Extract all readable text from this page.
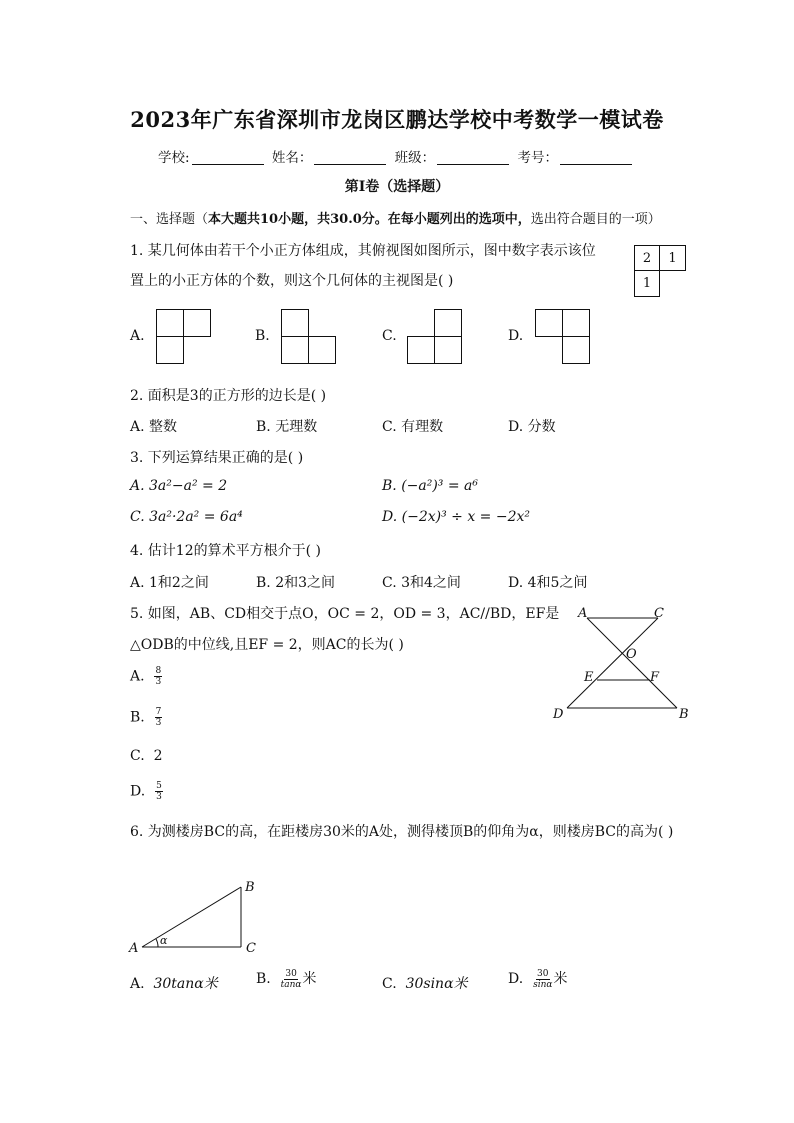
2023年广东省深圳市龙岗区鹏达学校中考数学一模试卷
学校:	姓名：	班级：	考号：
第I卷（选择题）
一、选择题（本大题共10小题，共30.0分。在每小题列出的选项中，选出符合题目的一项）
1. 某几何体由若干个小正方体组成，其俯视图如图所示，图中数字表示该位
置上的小正方体的个数，则这个几何体的主视图是( )
2	1
1
A.	B.	C.	D.
2. 面积是3的正方形的边长是( )
A. 整数	B. 无理数	C. 有理数	D. 分数
3. 下列运算结果正确的是( )
A. 3a²−a² = 2	B. (−a²)³ = a⁶
C. 3a²·2a² = 6a⁴	D. (−2x)³ ÷ x = −2x²
4. 估计12的算术平方根介于( )
A. 1和2之间	B. 2和3之间	C. 3和4之间	D. 4和5之间
5. 如图，AB、CD相交于点O，OC = 2，OD = 3，AC//BD，EF是
△ODB的中位线,且EF = 2，则AC的长为( )
A	C
O
E	F
D	B
A. $\frac{8}{3}$
B. $\frac{7}{3}$
C. 2
D. $\frac{5}{3}$
6. 为测楼房BC的高，在距楼房30米的A处，测得楼顶B的仰角为α，则楼房BC的高为( )
A
B
C
α
A. 30tanα米	B. $\frac{30}{\tan\alpha}$ 米	C. 30sinα米	D. $\frac{30}{\sin\alpha}$ 米
